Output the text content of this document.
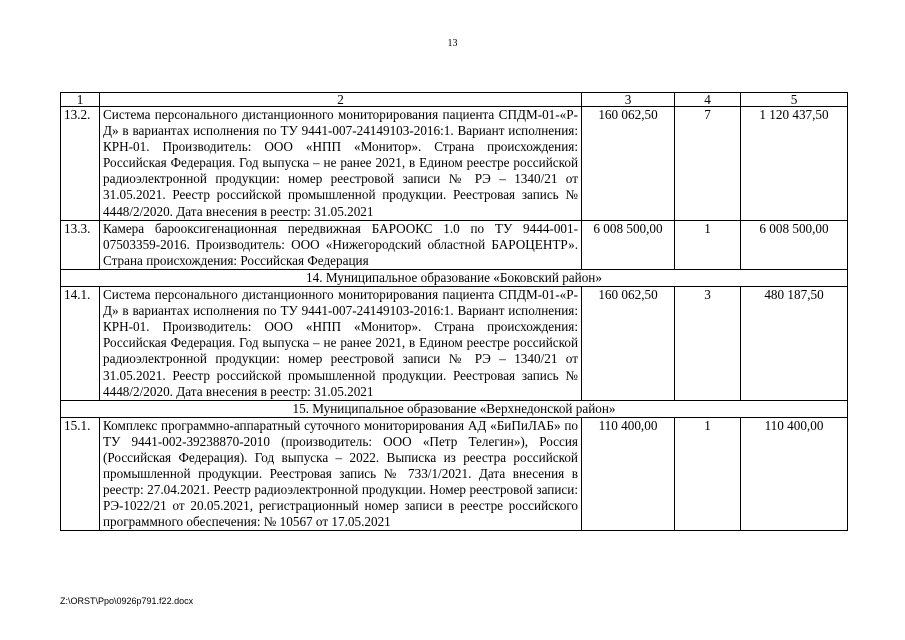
13
1	2	3	4	5
13.2.	Система персонального дистанционного мониторирования пациента СПДМ-01-«Р-Д» в вариантах исполнения по ТУ 9441-007-24149103-2016:1. Вариант исполнения: КРН-01. Производитель: ООО «НПП «Монитор». Страна происхождения: Российская Федерация. Год выпуска – не ранее 2021, в Едином реестре российской радиоэлектронной продукции: номер реестровой записи № РЭ – 1340/21 от 31.05.2021. Реестр российской промышленной продукции. Реестровая запись № 4448/2/2020. Дата внесения в реестр: 31.05.2021	160 062,50	7	1 120 437,50
13.3.	Камера барооксигенационная передвижная БАРООКС 1.0 по ТУ 9444-001-07503359-2016. Производитель: ООО «Нижегородский областной БАРОЦЕНТР». Страна происхождения: Российская Федерация	6 008 500,00	1	6 008 500,00
14. Муниципальное образование «Боковский район»				
14.1.	Система персонального дистанционного мониторирования пациента СПДМ-01-«Р-Д» в вариантах исполнения по ТУ 9441-007-24149103-2016:1. Вариант исполнения: КРН-01. Производитель: ООО «НПП «Монитор». Страна происхождения: Российская Федерация. Год выпуска – не ранее 2021, в Едином реестре российской радиоэлектронной продукции: номер реестровой записи № РЭ – 1340/21 от 31.05.2021. Реестр российской промышленной продукции. Реестровая запись № 4448/2/2020. Дата внесения в реестр: 31.05.2021	160 062,50	3	480 187,50
15. Муниципальное образование «Верхнедонской район»				
15.1.	Комплекс программно-аппаратный суточного мониторирования АД «БиПиЛАБ» по ТУ 9441-002-39238870-2010 (производитель: ООО «Петр Телегин»), Россия (Российская Федерация). Год выпуска – 2022. Выписка из реестра российской промышленной продукции. Реестровая запись № 733/1/2021. Дата внесения в реестр: 27.04.2021. Реестр радиоэлектронной продукции. Номер реестровой записи: РЭ-1022/21 от 20.05.2021, регистрационный номер записи в реестре российского программного обеспечения: № 10567 от 17.05.2021	110 400,00	1	110 400,00
Z:\ORST\Ppo\0926p791.f22.docx
